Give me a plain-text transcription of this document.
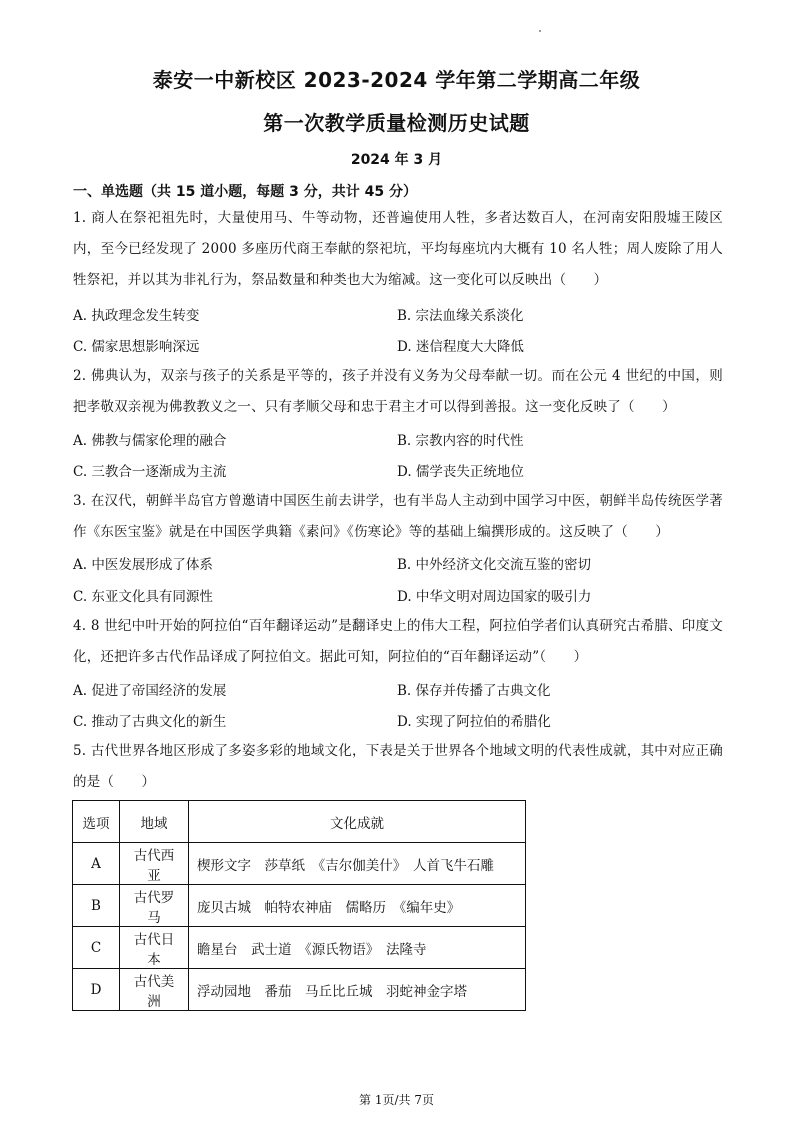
泰安一中新校区 2023-2024 学年第二学期高二年级
第一次教学质量检测历史试题
2024 年 3 月
一、单选题（共 15 道小题，每题 3 分，共计 45 分）
1. 商人在祭祀祖先时，大量使用马、牛等动物，还普遍使用人牲，多者达数百人，在河南安阳殷墟王陵区内，至今已经发现了 2000 多座历代商王奉献的祭祀坑，平均每座坑内大概有 10 名人牲；周人废除了用人牲祭祀，并以其为非礼行为，祭品数量和种类也大为缩减。这一变化可以反映出（　　）
A. 执政理念发生转变	B. 宗法血缘关系淡化
C. 儒家思想影响深远	D. 迷信程度大大降低
2. 佛典认为，双亲与孩子的关系是平等的，孩子并没有义务为父母奉献一切。而在公元 4 世纪的中国，则把孝敬双亲视为佛教教义之一、只有孝顺父母和忠于君主才可以得到善报。这一变化反映了（　　）
A. 佛教与儒家伦理的融合	B. 宗教内容的时代性
C. 三教合一逐渐成为主流	D. 儒学丧失正统地位
3. 在汉代，朝鲜半岛官方曾邀请中国医生前去讲学，也有半岛人主动到中国学习中医，朝鲜半岛传统医学著作《东医宝鉴》就是在中国医学典籍《素问》《伤寒论》等的基础上编撰形成的。这反映了（　　）
A. 中医发展形成了体系	B. 中外经济文化交流互鉴的密切
C. 东亚文化具有同源性	D. 中华文明对周边国家的吸引力
4. 8 世纪中叶开始的阿拉伯“百年翻译运动”是翻译史上的伟大工程，阿拉伯学者们认真研究古希腊、印度文化，还把许多古代作品译成了阿拉伯文。据此可知，阿拉伯的“百年翻译运动”（　　）
A. 促进了帝国经济的发展	B. 保存并传播了古典文化
C. 推动了古典文化的新生	D. 实现了阿拉伯的希腊化
5. 古代世界各地区形成了多姿多彩的地域文化，下表是关于世界各个地域文明的代表性成就，其中对应正确的是（　　）
选项	地域	文化成就
A	古代西亚	楔形文字　莎草纸　《吉尔伽美什》　人首飞牛石雕
B	古代罗马	庞贝古城　帕特农神庙　儒略历　《编年史》
C	古代日本	瞻星台　武士道　《源氏物语》　法隆寺
D	古代美洲	浮动园地　番茄　马丘比丘城　羽蛇神金字塔
第 1页/共 7页
